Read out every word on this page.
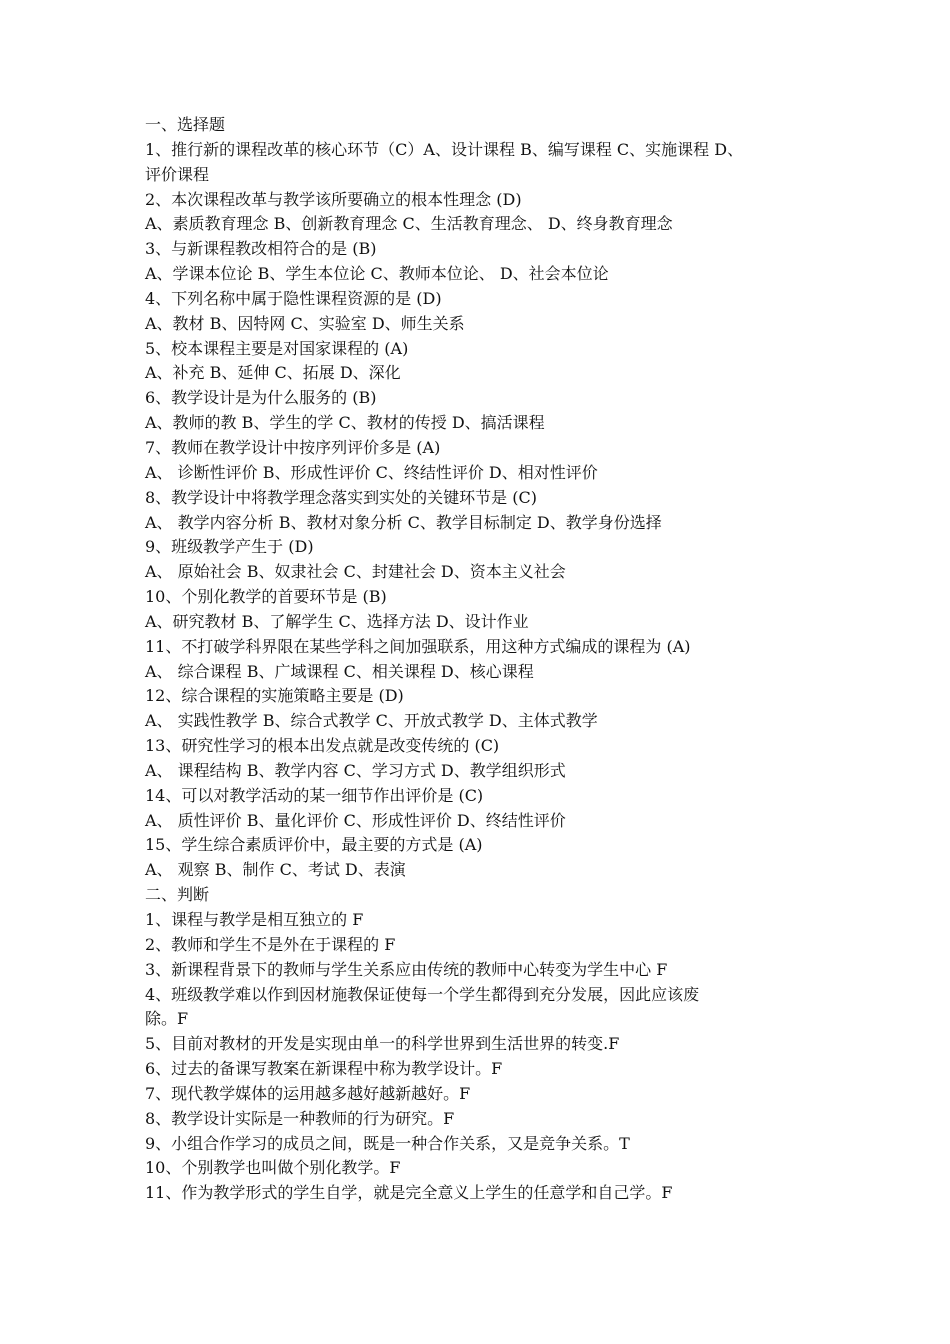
一、选择题
1、推行新的课程改革的核心环节（C）A、设计课程 B、编写课程 C、实施课程 D、
评价课程
2、本次课程改革与教学该所要确立的根本性理念 (D)
A、素质教育理念 B、创新教育理念 C、生活教育理念、 D、终身教育理念
3、与新课程教改相符合的是 (B)
A、学课本位论 B、学生本位论 C、教师本位论、 D、社会本位论
4、下列名称中属于隐性课程资源的是 (D)
A、教材 B、因特网 C、实验室 D、师生关系
5、校本课程主要是对国家课程的 (A)
A、补充 B、延伸 C、拓展 D、深化
6、教学设计是为什么服务的 (B)
A、教师的教 B、学生的学 C、教材的传授 D、搞活课程
7、教师在教学设计中按序列评价多是 (A)
A、 诊断性评价 B、形成性评价 C、终结性评价 D、相对性评价
8、教学设计中将教学理念落实到实处的关键环节是 (C)
A、 教学内容分析 B、教材对象分析 C、教学目标制定 D、教学身份选择
9、班级教学产生于 (D)
A、 原始社会 B、奴隶社会 C、封建社会 D、资本主义社会
10、个别化教学的首要环节是 (B)
A、研究教材 B、了解学生 C、选择方法 D、设计作业
11、不打破学科界限在某些学科之间加强联系，用这种方式编成的课程为 (A)
A、 综合课程 B、广域课程 C、相关课程 D、核心课程
12、综合课程的实施策略主要是 (D)
A、 实践性教学 B、综合式教学 C、开放式教学 D、主体式教学
13、研究性学习的根本出发点就是改变传统的 (C)
A、 课程结构 B、教学内容 C、学习方式 D、教学组织形式
14、可以对教学活动的某一细节作出评价是 (C)
A、 质性评价 B、量化评价 C、形成性评价 D、终结性评价
15、学生综合素质评价中，最主要的方式是 (A)
A、 观察 B、制作 C、考试 D、表演
二、判断
1、课程与教学是相互独立的 F
2、教师和学生不是外在于课程的 F
3、新课程背景下的教师与学生关系应由传统的教师中心转变为学生中心 F
4、班级教学难以作到因材施教保证使每一个学生都得到充分发展，因此应该废
除。F
5、目前对教材的开发是实现由单一的科学世界到生活世界的转变.F
6、过去的备课写教案在新课程中称为教学设计。F
7、现代教学媒体的运用越多越好越新越好。F
8、教学设计实际是一种教师的行为研究。F
9、小组合作学习的成员之间，既是一种合作关系，又是竞争关系。T
10、个别教学也叫做个别化教学。F
11、作为教学形式的学生自学，就是完全意义上学生的任意学和自己学。F
